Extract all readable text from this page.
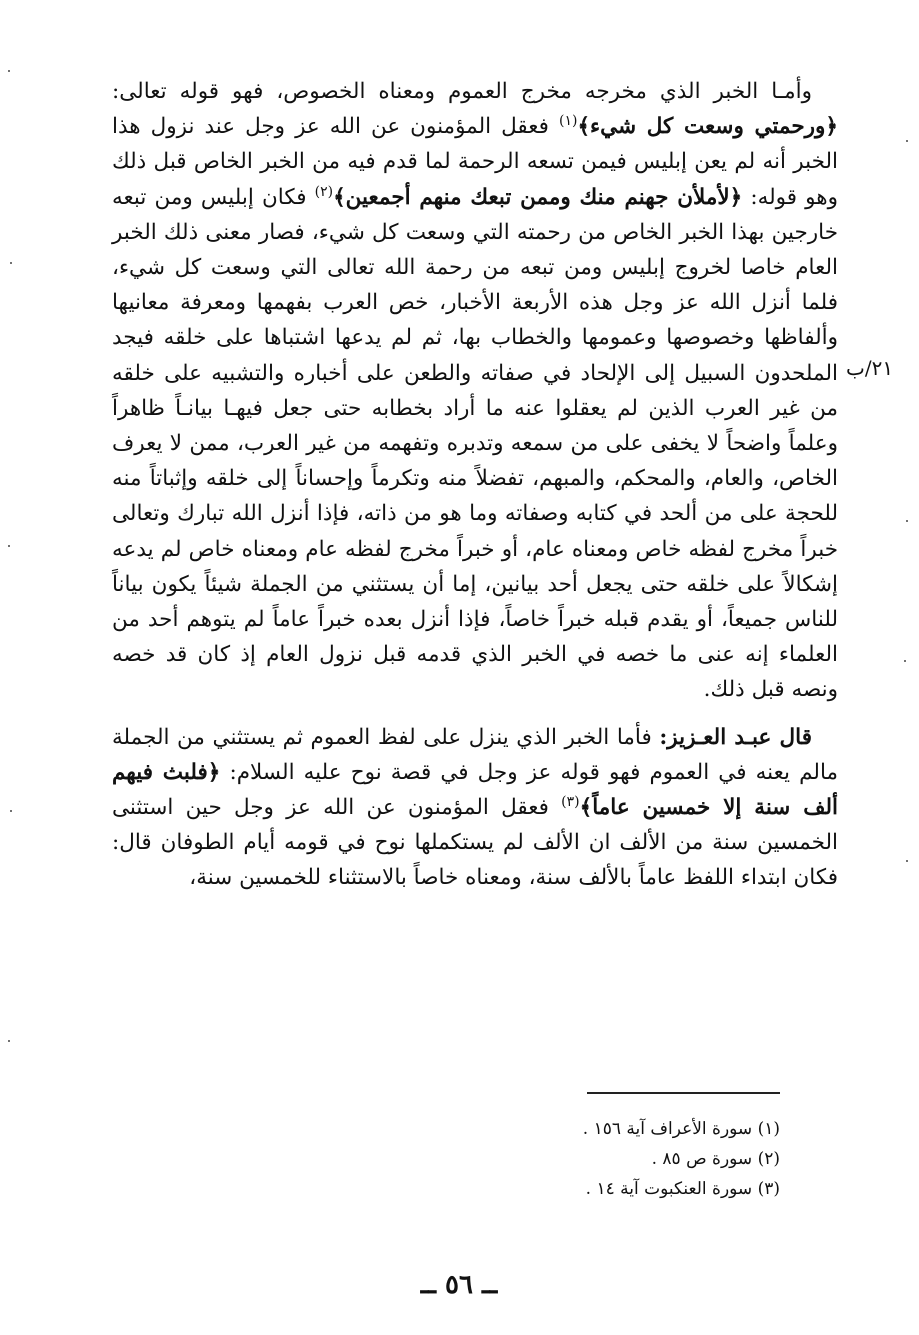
وأمـا الخبر الذي مخرجه مخرج العموم ومعناه الخصوص، فهو قوله تعالى: ﴿ورحمتي وسعت كل شيء﴾$^{(١)}$ فعقل المؤمنون عن الله عز وجل عند نزول هذا الخبر أنه لم يعن إبليس فيمن تسعه الرحمة لما قدم فيه من الخبر الخاص قبل ذلك وهو قوله: ﴿لأملأن جهنم منك وممن تبعك منهم أجمعين﴾$^{(٢)}$ فكان إبليس ومن تبعه خارجين بهذا الخبر الخاص من رحمته التي وسعت كل شيء، فصار معنى ذلك الخبر العام خاصا لخروج إبليس ومن تبعه من رحمة الله تعالى التي وسعت كل شيء، فلما أنزل الله عز وجل هذه الأربعة الأخبار، خص العرب بفهمها ومعرفة معانيها وألفاظها وخصوصها وعمومها والخطاب بها، ثم لم يدعها اشتباها على خلقه فيجد الملحدون السبيل إلى الإلحاد في صفاته والطعن على أخباره والتشبيه على خلقه من غير العرب الذين لم يعقلوا عنه ما أراد بخطابه حتى جعل فيهـا بيانـاً ظاهراً وعلماً واضحاً لا يخفى على من سمعه وتدبره وتفهمه من غير العرب، ممن لا يعرف الخاص، والعام، والمحكم، والمبهم، تفضلاً منه وتكرماً وإحساناً إلى خلقه وإثباتاً منه للحجة على من ألحد في كتابه وصفاته وما هو من ذاته، فإذا أنزل الله تبارك وتعالى خبراً مخرج لفظه خاص ومعناه عام، أو خبراً مخرج لفظه عام ومعناه خاص لم يدعه إشكالاً على خلقه حتى يجعل أحد بيانين، إما أن يستثني من الجملة شيئاً يكون بياناً للناس جميعاً، أو يقدم قبله خبراً خاصاً، فإذا أنزل بعده خبراً عاماً لم يتوهم أحد من العلماء إنه عنى ما خصه في الخبر الذي قدمه قبل نزول العام إذ كان قد خصه ونصه قبل ذلك.

قال عبـد العـزيز: فأما الخبر الذي ينزل على لفظ العموم ثم يستثني من الجملة مالم يعنه في العموم فهو قوله عز وجل في قصة نوح عليه السلام: ﴿فلبث فيهم ألف سنة إلا خمسين عاماً﴾$^{(٣)}$ فعقل المؤمنون عن الله عز وجل حين استثنى الخمسين سنة من الألف ان الألف لم يستكملها نوح في قومه أيام الطوفان قال: فكان ابتداء اللفظ عاماً بالألف سنة، ومعناه خاصاً بالاستثناء للخمسين سنة،

٢١/ب
(١) سورة الأعراف آية ١٥٦ .
(٢) سورة ص ٨٥ .
(٣) سورة العنكبوت آية ١٤ .
ــ ٥٦ ــ
